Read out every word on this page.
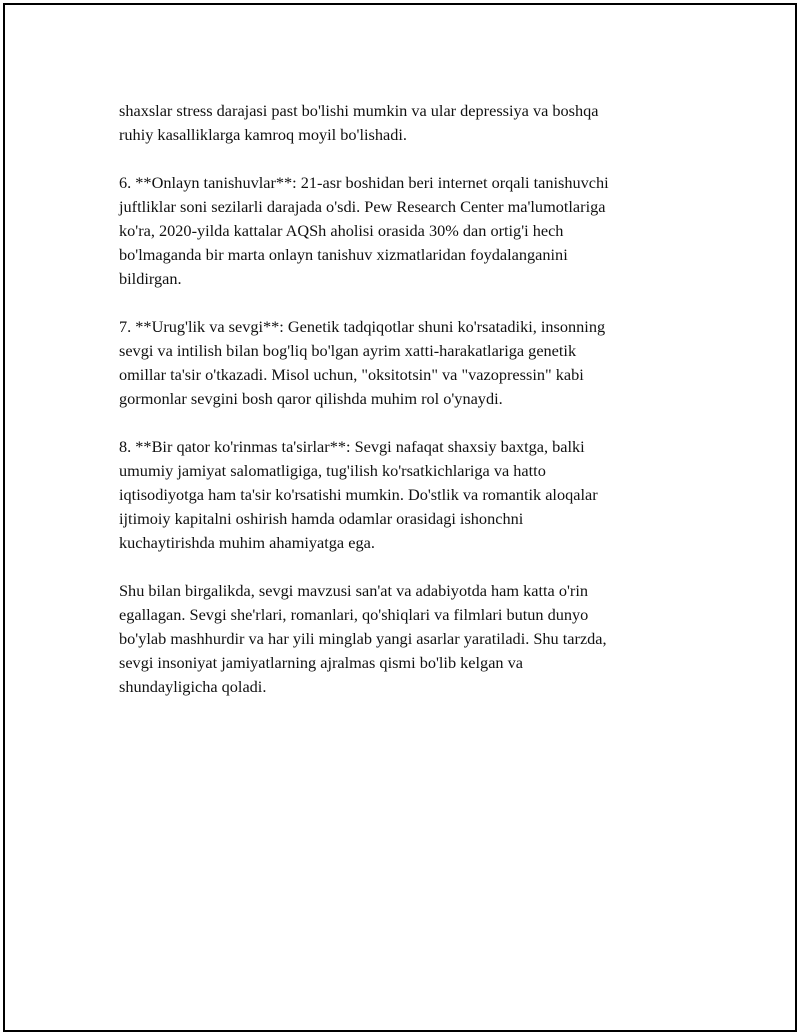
shaxslar stress darajasi past bo'lishi mumkin va ular depressiya va boshqa
ruhiy kasalliklarga kamroq moyil bo'lishadi.

6. **Onlayn tanishuvlar**: 21-asr boshidan beri internet orqali tanishuvchi
juftliklar soni sezilarli darajada o'sdi. Pew Research Center ma'lumotlariga
ko'ra, 2020-yilda kattalar AQSh aholisi orasida 30% dan ortig'i hech
bo'lmaganda bir marta onlayn tanishuv xizmatlaridan foydalanganini
bildirgan.

7. **Urug'lik va sevgi**: Genetik tadqiqotlar shuni ko'rsatadiki, insonning
sevgi va intilish bilan bog'liq bo'lgan ayrim xatti-harakatlariga genetik
omillar ta'sir o'tkazadi. Misol uchun, "oksitotsin" va "vazopressin" kabi
gormonlar sevgini bosh qaror qilishda muhim rol o'ynaydi.

8. **Bir qator ko'rinmas ta'sirlar**: Sevgi nafaqat shaxsiy baxtga, balki
umumiy jamiyat salomatligiga, tug'ilish ko'rsatkichlariga va hatto
iqtisodiyotga ham ta'sir ko'rsatishi mumkin. Do'stlik va romantik aloqalar
ijtimoiy kapitalni oshirish hamda odamlar orasidagi ishonchni
kuchaytirishda muhim ahamiyatga ega.

Shu bilan birgalikda, sevgi mavzusi san'at va adabiyotda ham katta o'rin
egallagan. Sevgi she'rlari, romanlari, qo'shiqlari va filmlari butun dunyo
bo'ylab mashhurdir va har yili minglab yangi asarlar yaratiladi. Shu tarzda,
sevgi insoniyat jamiyatlarning ajralmas qismi bo'lib kelgan va
shundayligicha qoladi.
